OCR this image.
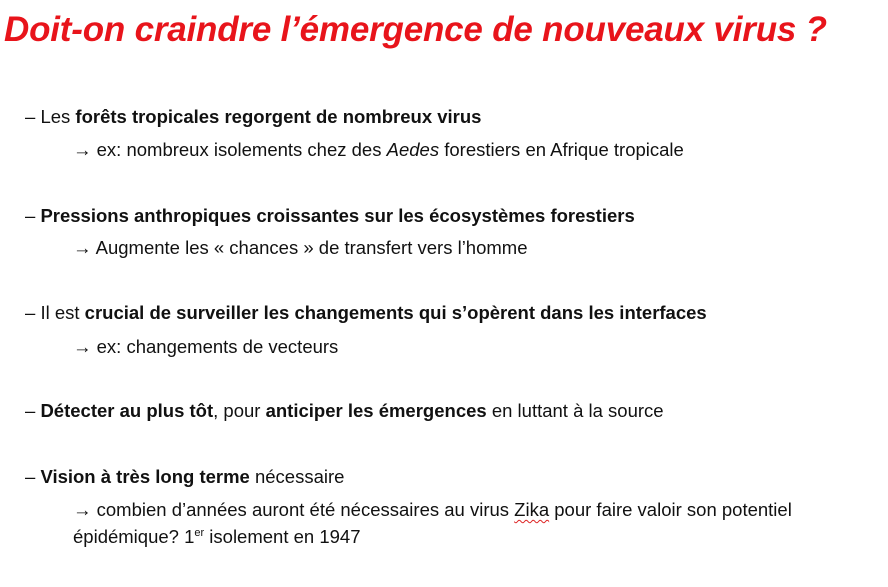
Doit-on craindre l’émergence de nouveaux virus ?
– Les forêts tropicales regorgent de nombreux virus
→ ex: nombreux isolements chez des Aedes forestiers en Afrique tropicale
– Pressions anthropiques croissantes sur les écosystèmes forestiers
→ Augmente les « chances » de transfert vers l’homme
– Il est crucial de surveiller les changements qui s’opèrent dans les interfaces
→ ex: changements de vecteurs
– Détecter au plus tôt, pour anticiper les émergences en luttant à la source
– Vision à très long terme nécessaire
→ combien d’années auront été nécessaires au virus Zika pour faire valoir son potentiel épidémique? 1er isolement en 1947
